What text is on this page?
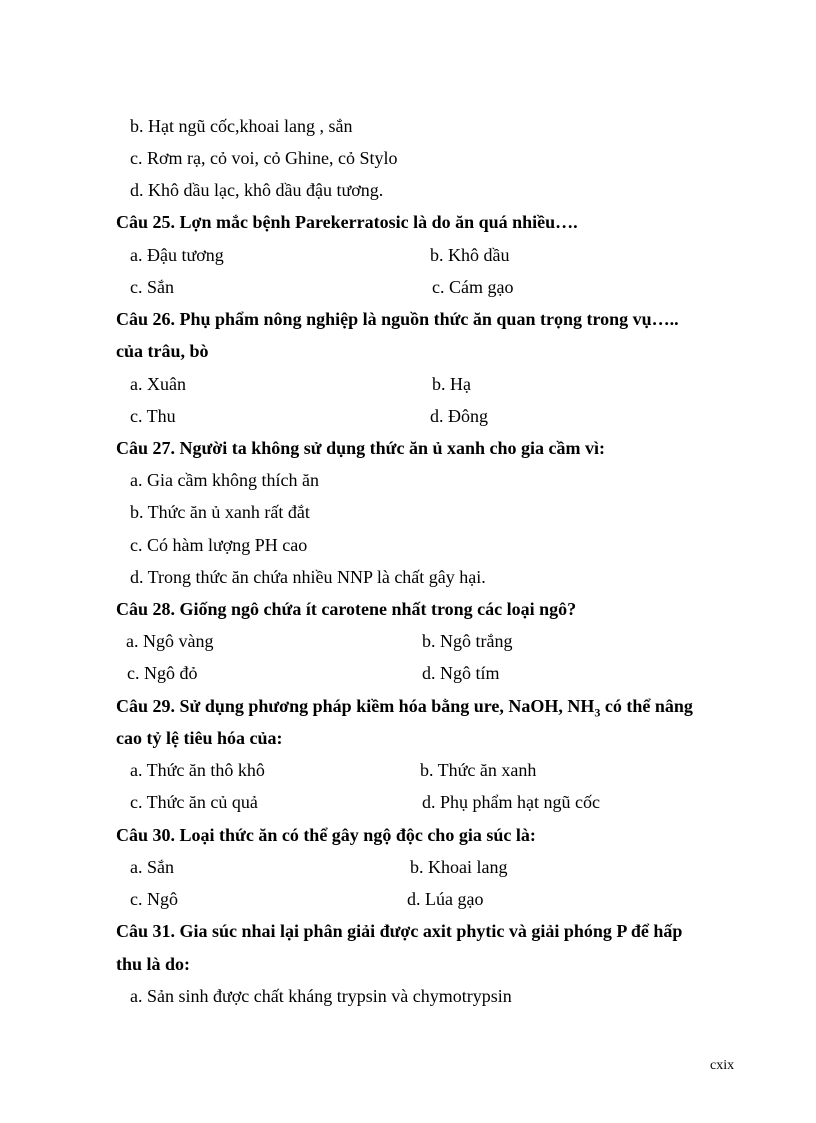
b. Hạt ngũ cốc,khoai lang , sắn
c. Rơm rạ, cỏ voi, cỏ Ghine, cỏ Stylo
d. Khô dầu lạc, khô dầu đậu tương.
Câu 25. Lợn mắc bệnh Parekerratosic là do ăn quá nhiều….
a. Đậu tương	b. Khô dầu
c. Sắn	c. Cám gạo
Câu 26. Phụ phẩm nông nghiệp là nguồn thức ăn quan trọng trong vụ…..
của trâu, bò
a. Xuân	b. Hạ
c. Thu	d. Đông
Câu 27. Người ta không sử dụng thức ăn ủ xanh cho gia cầm vì:
a. Gia cầm không thích ăn
b. Thức ăn ủ xanh rất đắt
c. Có hàm lượng PH cao
d. Trong thức ăn chứa nhiều NNP là chất gây hại.
Câu 28. Giống ngô chứa ít carotene nhất trong các loại ngô?
a. Ngô vàng	b. Ngô trắng
c. Ngô đỏ	d. Ngô tím
Câu 29. Sử dụng phương pháp kiềm hóa bằng ure, NaOH, $NH_3$ có thể nâng
cao tỷ lệ tiêu hóa của:
a. Thức ăn thô khô	b. Thức ăn xanh
c. Thức ăn củ quả	d. Phụ phẩm hạt ngũ cốc
Câu 30. Loại thức ăn có thể gây ngộ độc cho gia súc là:
a. Sắn	b. Khoai lang
c. Ngô	d. Lúa gạo
Câu 31. Gia súc nhai lại phân giải được axit phytic và giải phóng P để hấp
thu là do:
a. Sản sinh được chất kháng trypsin và chymotrypsin
cxix
